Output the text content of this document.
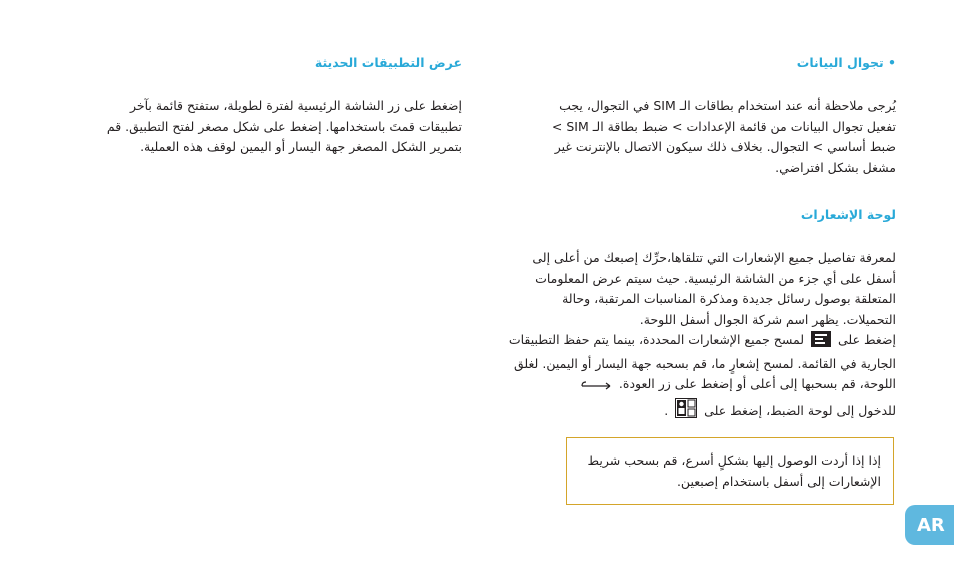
• تجوال البيانات
يُرجى ملاحظة أنه عند استخدام بطاقات الـ SIM في التجوال، يجب
تفعيل تجوال البيانات من قائمة الإعدادات > ضبط بطاقة الـ SIM >
ضبط أساسي > التجوال. بخلاف ذلك سيكون الاتصال بالإنترنت غير
مشغل بشكل افتراضي.
لوحة الإشعارات
لمعرفة تفاصيل جميع الإشعارات التي تتلقاها،حرِّك إصبعك من أعلى إلى
أسفل على أي جزء من الشاشة الرئيسية. حيث سيتم عرض المعلومات
المتعلقة بوصول رسائل جديدة ومذكرة المناسبات المرتقبة، وحالة
التحميلات. يظهر اسم شركة الجوال أسفل اللوحة.
إضغط على  لمسح جميع الإشعارات المحددة، بينما يتم حفظ التطبيقات
الجارية في القائمة. لمسح إشعارٍ ما، قم بسحبه جهة اليسار أو اليمين. لغلق
اللوحة، قم بسحبها إلى أعلى أو إضغط على زر العودة.
للدخول إلى لوحة الضبط، إضغط على  .
إذا إذا أردت الوصول إليها بشكلٍ أسرع، قم بسحب شريط
الإشعارات إلى أسفل باستخدام إصبعين.
عرض التطبيقات الحديثة
إضغط على زر الشاشة الرئيسية لفترة لطويلة، ستفتح قائمة بآخر
تطبيقات قمتَ باستخدامها. إضغط على شكل مصغر لفتح التطبيق. قم
بتمرير الشكل المصغر جهة اليسار أو اليمين لوقف هذه العملية.
AR
